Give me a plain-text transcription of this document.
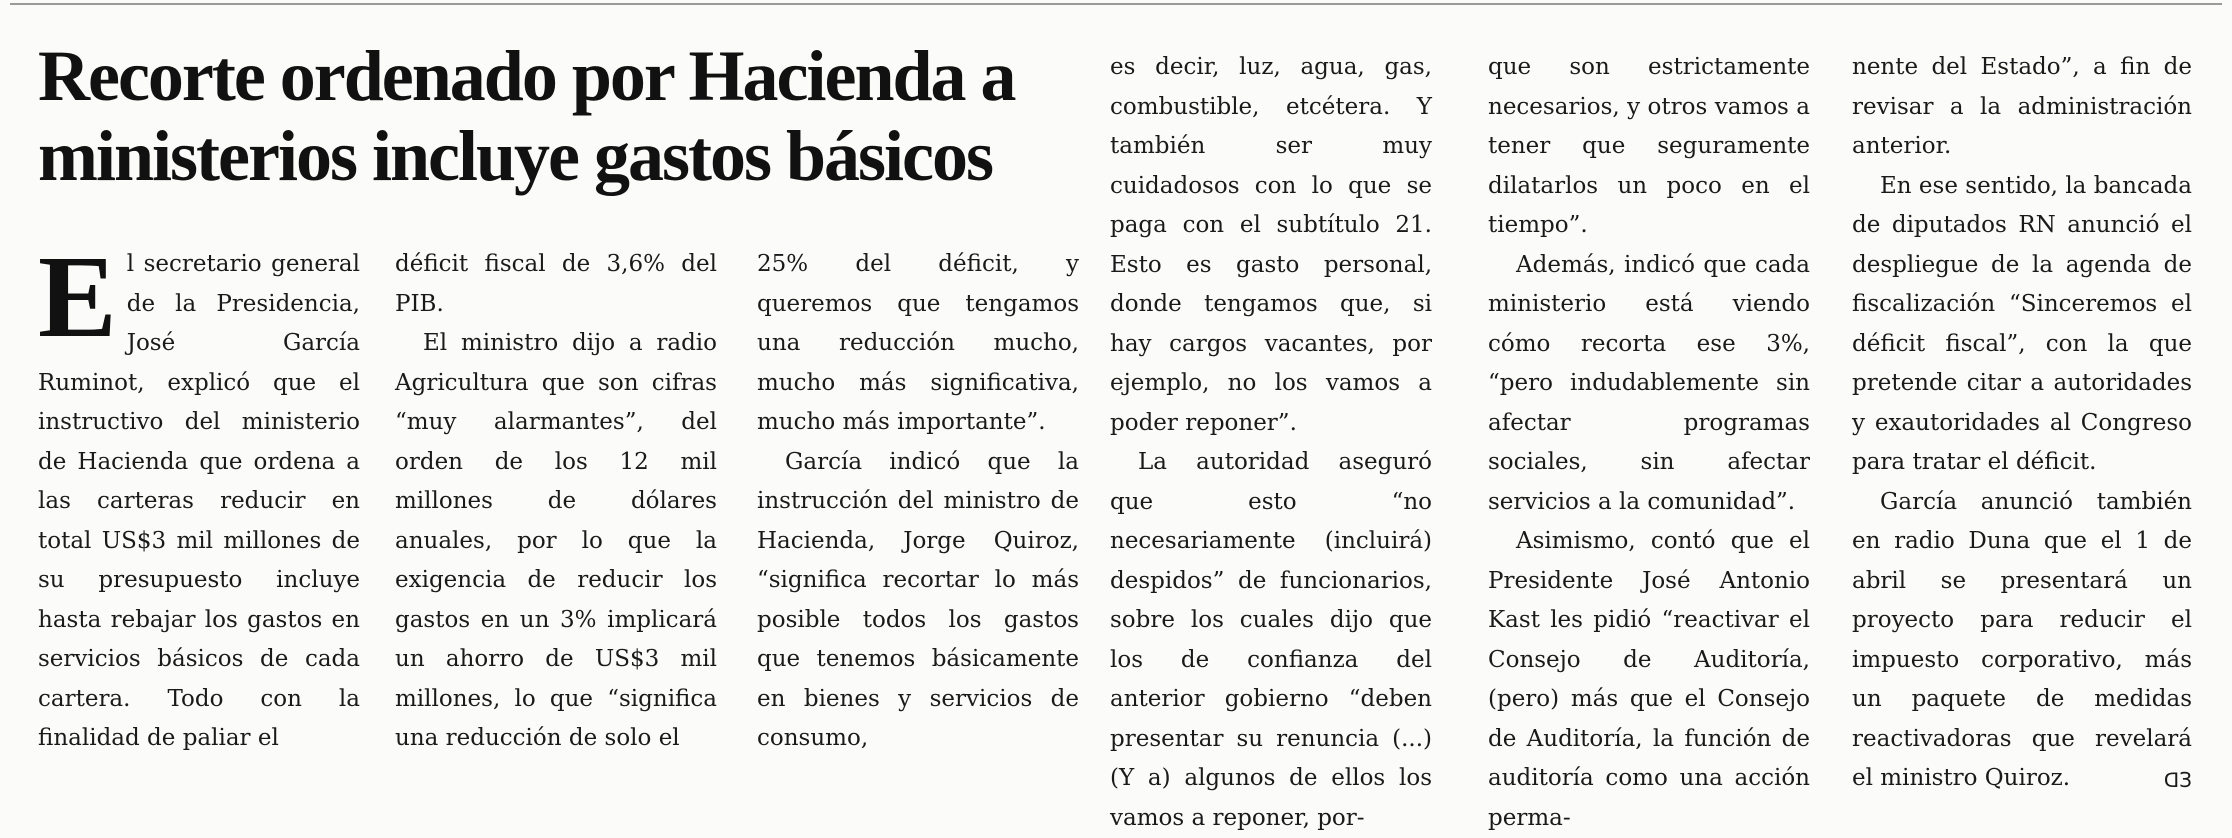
Recorte ordenado por Hacienda a
ministerios incluye gastos básicos

El secretario general de la Presidencia, José García Ruminot, explicó que el instructivo del ministerio de Hacienda que ordena a las carteras reducir en total US$3 mil millones de su presupuesto incluye hasta rebajar los gastos en servicios básicos de cada cartera. Todo con la finalidad de paliar el

déficit fiscal de 3,6% del PIB.

El ministro dijo a radio Agricultura que son cifras “muy alarmantes”, del orden de los 12 mil millones de dólares anuales, por lo que la exigencia de reducir los gastos en un 3% implicará un ahorro de US$3 mil millones, lo que “significa una reducción de solo el

25% del déficit, y queremos que tengamos una reducción mucho, mucho más significativa, mucho más importante”.

García indicó que la instrucción del ministro de Hacienda, Jorge Quiroz, “significa recortar lo más posible todos los gastos que tenemos básicamente en bienes y servicios de consumo,

es decir, luz, agua, gas, combustible, etcétera. Y también ser muy cuidadosos con lo que se paga con el subtítulo 21. Esto es gasto personal, donde tengamos que, si hay cargos vacantes, por ejemplo, no los vamos a poder reponer”.

La autoridad aseguró que esto “no necesariamente (incluirá) despidos” de funcionarios, sobre los cuales dijo que los de confianza del anterior gobierno “deben presentar su renuncia (...) (Y a) algunos de ellos los vamos a reponer, por-

que son estrictamente necesarios, y otros vamos a tener que seguramente dilatarlos un poco en el tiempo”.

Además, indicó que cada ministerio está viendo cómo recorta ese 3%, “pero indudablemente sin afectar programas sociales, sin afectar servicios a la comunidad”.

Asimismo, contó que el Presidente José Antonio Kast les pidió “reactivar el Consejo de Auditoría, (pero) más que el Consejo de Auditoría, la función de auditoría como una acción perma-

nente del Estado”, a fin de revisar a la administración anterior.

En ese sentido, la bancada de diputados RN anunció el despliegue de la agenda de fiscalización “Sinceremos el déficit fiscal”, con la que pretende citar a autoridades y exautoridades al Congreso para tratar el déficit.

García anunció también en radio Duna que el 1 de abril se presentará un proyecto para reducir el impuesto corporativo, más un paquete de medidas reactivadoras que revelará el ministro Quiroz.	ᗡЗ
